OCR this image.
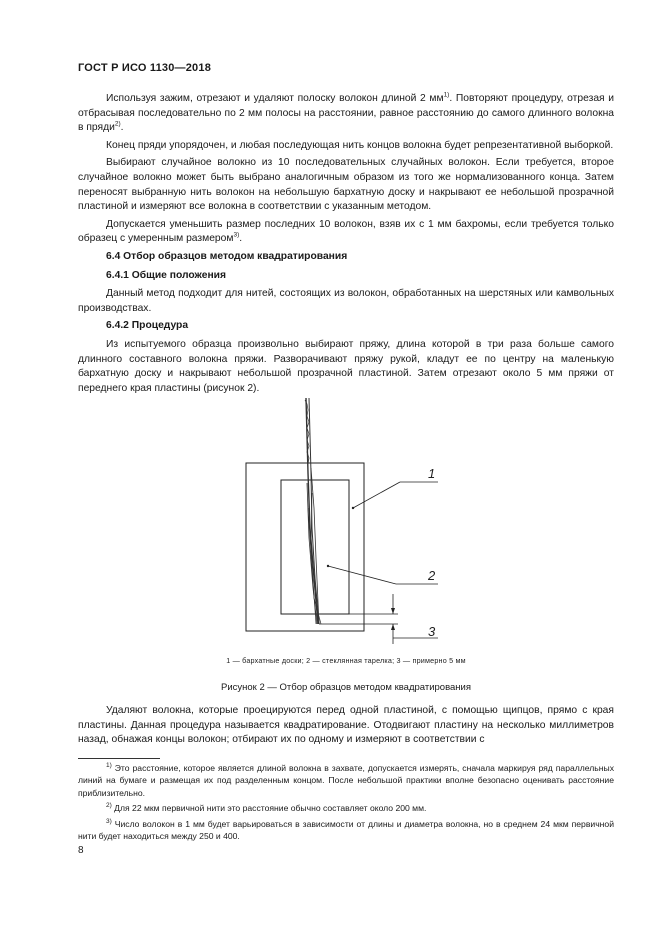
ГОСТ Р ИСО 1130—2018

Используя зажим, отрезают и удаляют полоску волокон длиной 2 $мм^{1)}$. Повторяют процедуру, отрезая и отбрасывая последовательно по 2 мм полосы на расстоянии, равное расстоянию до самого длинного волокна в пряди$^{2)}$.

Конец пряди упорядочен, и любая последующая нить концов волокна будет репрезентативной выборкой.

Выбирают случайное волокно из 10 последовательных случайных волокон. Если требуется, второе случайное волокно может быть выбрано аналогичным образом из того же нормализованного конца. Затем переносят выбранную нить волокон на небольшую бархатную доску и накрывают ее небольшой прозрачной пластиной и измеряют все волокна в соответствии с указанным методом.

Допускается уменьшить размер последних 10 волокон, взяв их с 1 мм бахромы, если требуется только образец с умеренным размером$^{3)}$.

6.4 Отбор образцов методом квадратирования

6.4.1 Общие положения

Данный метод подходит для нитей, состоящих из волокон, обработанных на шерстяных или камвольных производствах.

6.4.2 Процедура

Из испытуемого образца произвольно выбирают пряжу, длина которой в три раза больше самого длинного составного волокна пряжи. Разворачивают пряжу рукой, кладут ее по центру на маленькую бархатную доску и накрывают небольшой прозрачной пластиной. Затем отрезают около 5 мм пряжи от переднего края пластины (рисунок 2).

1
2
3
1 — бархатные доски; 2 — стеклянная тарелка; 3 — примерно 5 мм
Рисунок 2 — Отбор образцов методом квадратирования

Удаляют волокна, которые проецируются перед одной пластиной, с помощью щипцов, прямо с края пластины. Данная процедура называется квадратирование. Отодвигают пластину на несколько миллиметров назад, обнажая концы волокон; отбирают их по одному и измеряют в соответствии с

$^{1)}$ Это расстояние, которое является длиной волокна в захвате, допускается измерять, сначала маркируя ряд параллельных линий на бумаге и размещая их под разделенным концом. После небольшой практики вполне безопасно оценивать расстояние приблизительно.

$^{2)}$ Для 22 мкм первичной нити это расстояние обычно составляет около 200 мм.

$^{3)}$ Число волокон в 1 мм будет варьироваться в зависимости от длины и диаметра волокна, но в среднем 24 мкм первичной нити будет находиться между 250 и 400.

8
